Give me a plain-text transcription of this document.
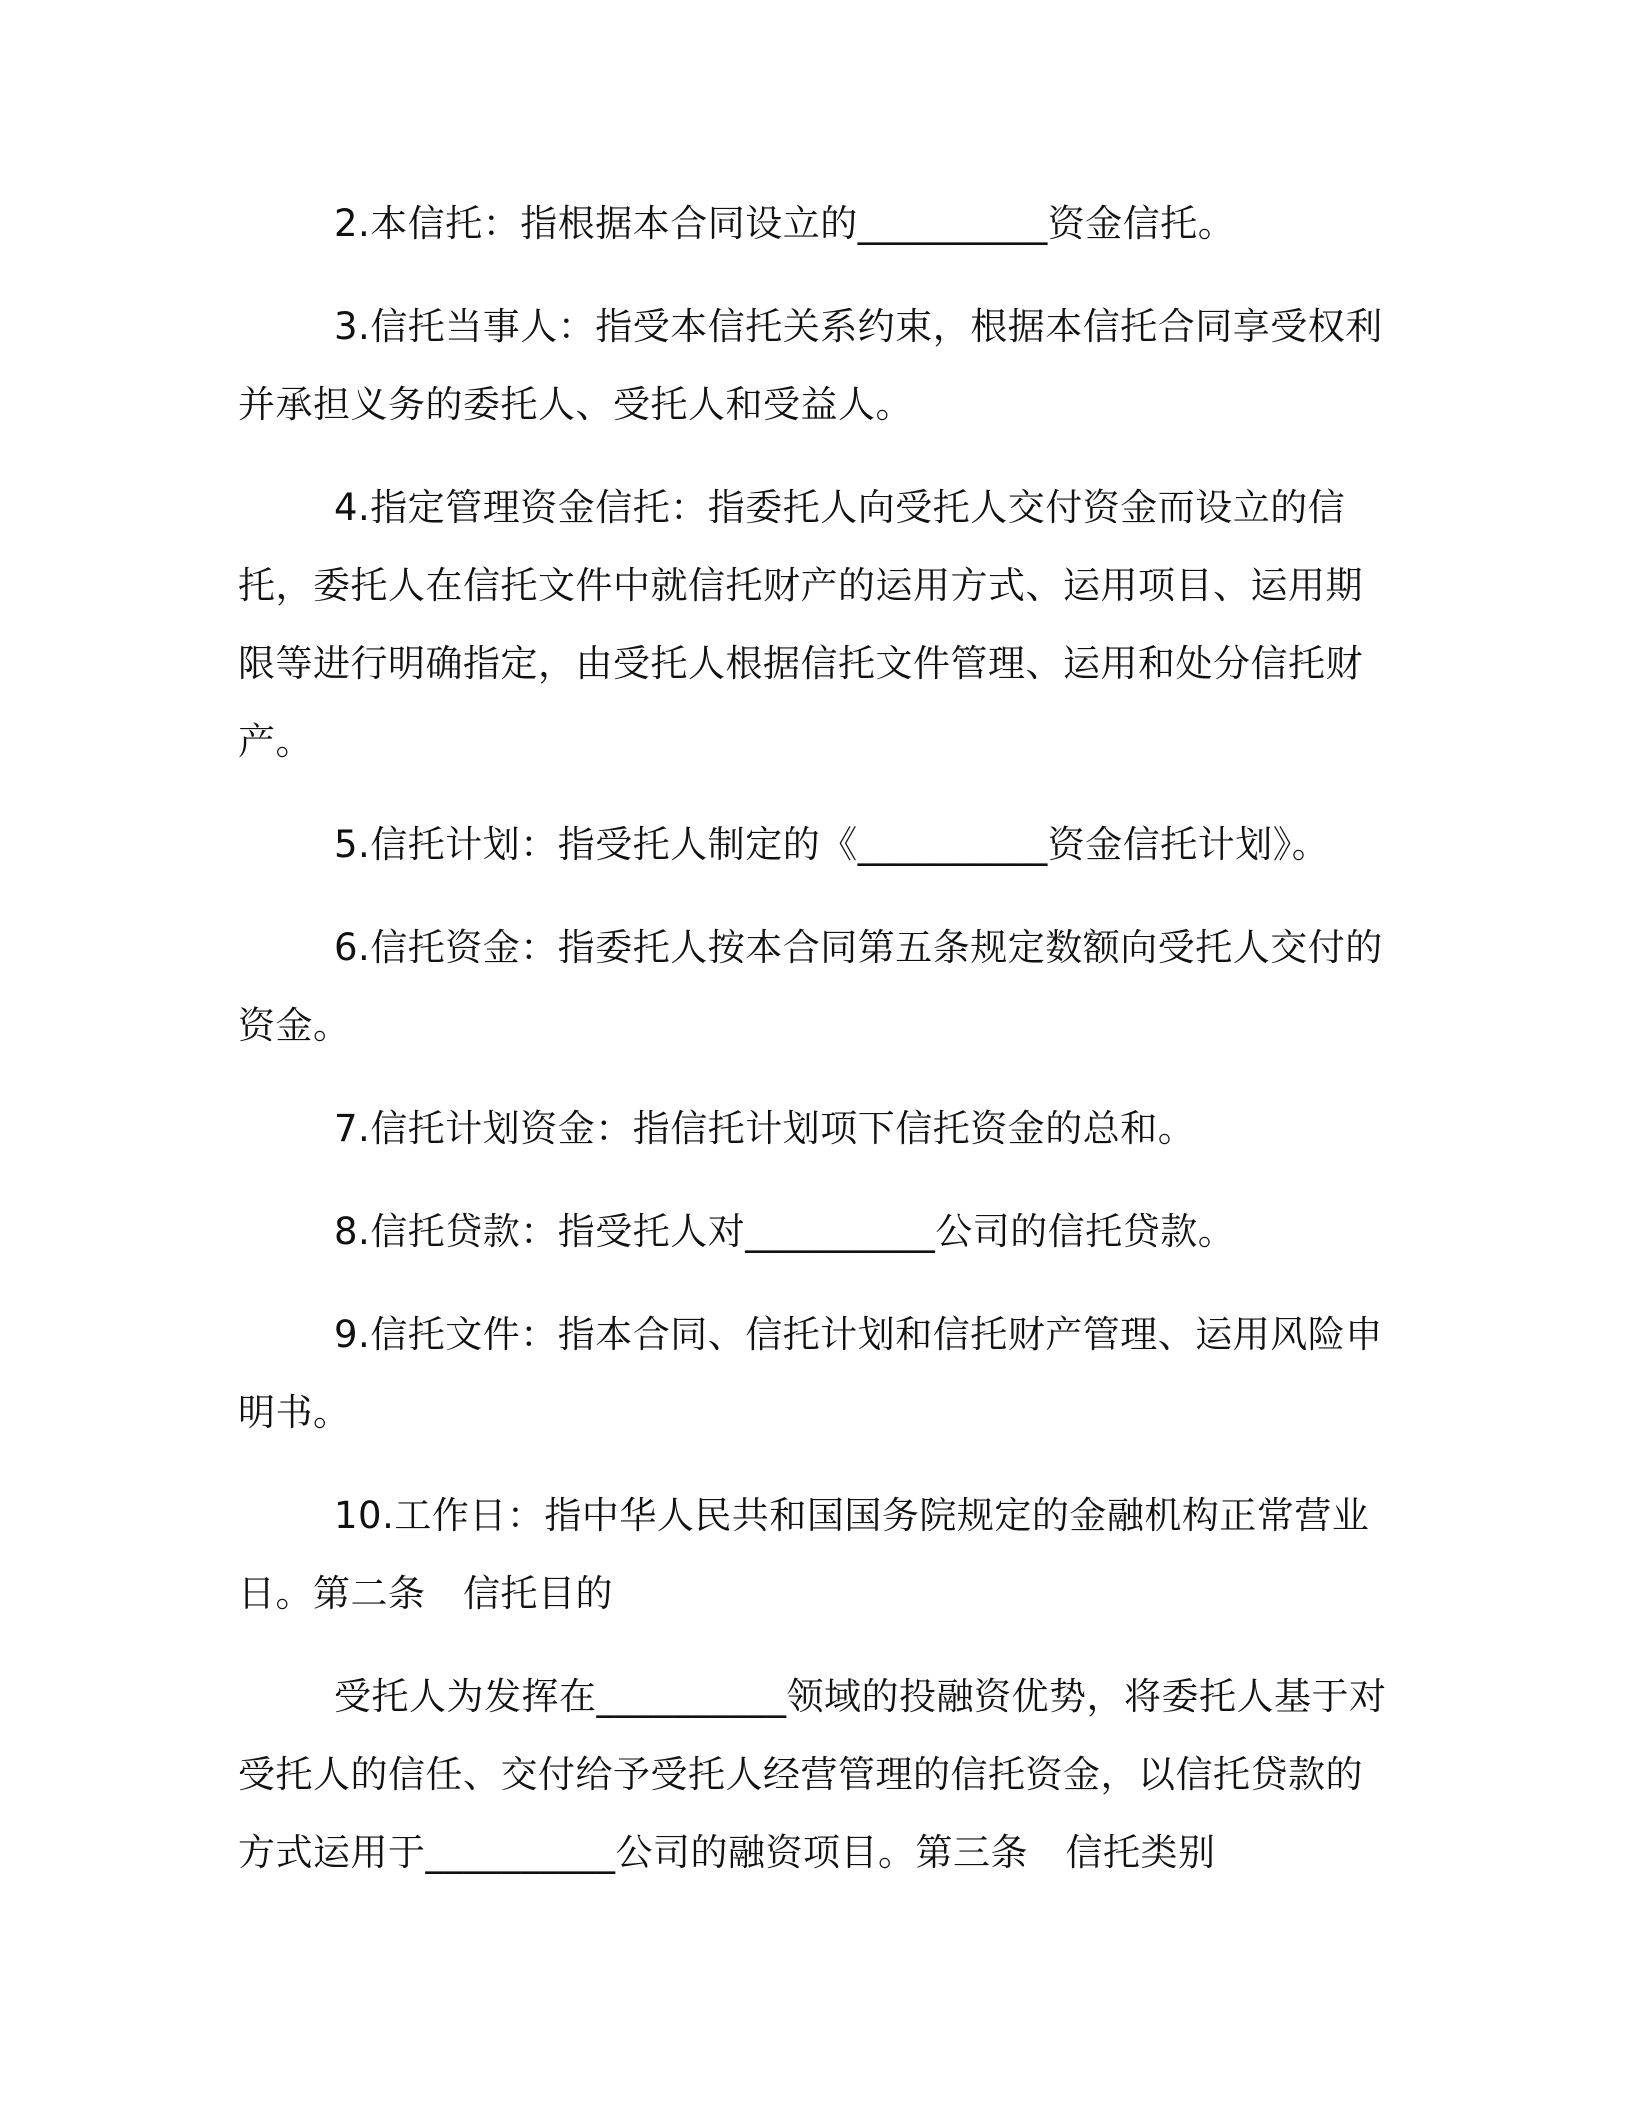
2.本信托：指根据本合同设立的__________资金信托。

3.信托当事人：指受本信托关系约束，根据本信托合同享受权利并承担义务的委托人、受托人和受益人。

4.指定管理资金信托：指委托人向受托人交付资金而设立的信托，委托人在信托文件中就信托财产的运用方式、运用项目、运用期限等进行明确指定，由受托人根据信托文件管理、运用和处分信托财产。

5.信托计划：指受托人制定的《__________资金信托计划》。

6.信托资金：指委托人按本合同第五条规定数额向受托人交付的资金。

7.信托计划资金：指信托计划项下信托资金的总和。

8.信托贷款：指受托人对__________公司的信托贷款。

9.信托文件：指本合同、信托计划和信托财产管理、运用风险申明书。

10.工作日：指中华人民共和国国务院规定的金融机构正常营业日。第二条　信托目的

受托人为发挥在__________领域的投融资优势，将委托人基于对受托人的信任、交付给予受托人经营管理的信托资金，以信托贷款的方式运用于__________公司的融资项目。第三条　信托类别
